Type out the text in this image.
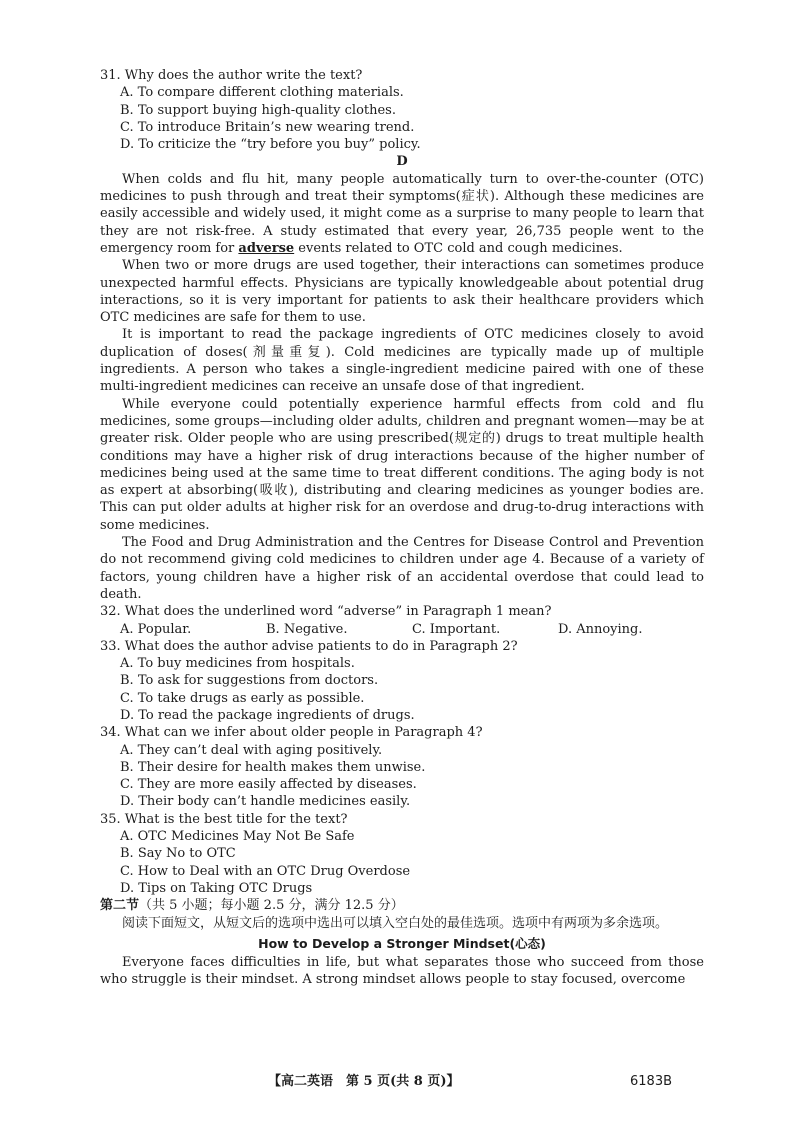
31. Why does the author write the text?

A. To compare different clothing materials.

B. To support buying high-quality clothes.

C. To introduce Britain’s new wearing trend.

D. To criticize the “try before you buy” policy.

D

When colds and flu hit, many people automatically turn to over-the-counter (OTC) medicines to push through and treat their symptoms(症状). Although these medicines are easily accessible and widely used, it might come as a surprise to many people to learn that they are not risk-free. A study estimated that every year, 26,735 people went to the emergency room for adverse events related to OTC cold and cough medicines.

When two or more drugs are used together, their interactions can sometimes produce unexpected harmful effects. Physicians are typically knowledgeable about potential drug interactions, so it is very important for patients to ask their healthcare providers which OTC medicines are safe for them to use.

It is important to read the package ingredients of OTC medicines closely to avoid duplication of doses(剂量重复). Cold medicines are typically made up of multiple ingredients. A person who takes a single-ingredient medicine paired with one of these multi-ingredient medicines can receive an unsafe dose of that ingredient.

While everyone could potentially experience harmful effects from cold and flu medicines, some groups—including older adults, children and pregnant women—may be at greater risk. Older people who are using prescribed(规定的) drugs to treat multiple health conditions may have a higher risk of drug interactions because of the higher number of medicines being used at the same time to treat different conditions. The aging body is not as expert at absorbing(吸收), distributing and clearing medicines as younger bodies are. This can put older adults at higher risk for an overdose and drug-to-drug interactions with some medicines.

The Food and Drug Administration and the Centres for Disease Control and Prevention do not recommend giving cold medicines to children under age 4. Because of a variety of factors, young children have a higher risk of an accidental overdose that could lead to death.

32. What does the underlined word “adverse” in Paragraph 1 mean?

A. Popular.	B. Negative.	C. Important.	D. Annoying.

33. What does the author advise patients to do in Paragraph 2?

A. To buy medicines from hospitals.

B. To ask for suggestions from doctors.

C. To take drugs as early as possible.

D. To read the package ingredients of drugs.

34. What can we infer about older people in Paragraph 4?

A. They can’t deal with aging positively.

B. Their desire for health makes them unwise.

C. They are more easily affected by diseases.

D. Their body can’t handle medicines easily.

35. What is the best title for the text?

A. OTC Medicines May Not Be Safe

B. Say No to OTC

C. How to Deal with an OTC Drug Overdose

D. Tips on Taking OTC Drugs

第二节（共 5 小题；每小题 2.5 分，满分 12.5 分）

阅读下面短文，从短文后的选项中选出可以填入空白处的最佳选项。选项中有两项为多余选项。

How to Develop a Stronger Mindset(心态)

Everyone faces difficulties in life, but what separates those who succeed from those who struggle is their mindset. A strong mindset allows people to stay focused, overcome

【高二英语　第 5 页(共 8 页)】	6183B
